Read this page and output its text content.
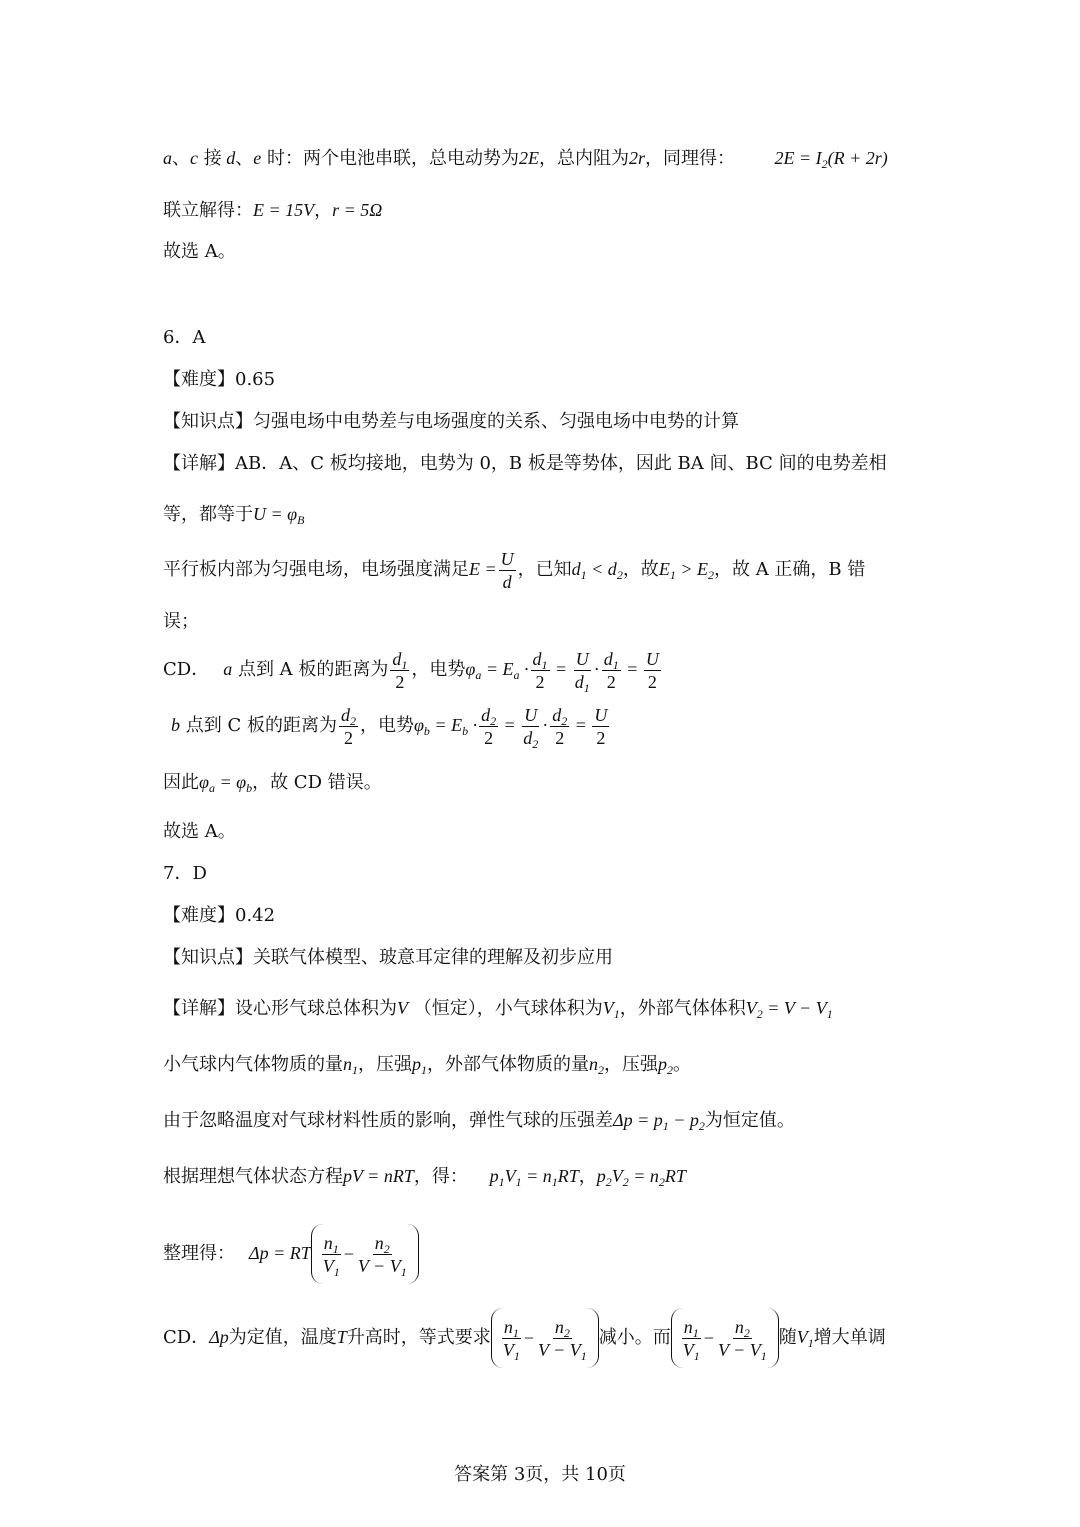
a、c 接 d、e 时：两个电池串联，总电动势为2E，总内阻为2r，同理得： $2E = I_2(R + 2r)$
联立解得：E = 15V，r = 5Ω
故选 A。
6．A
【难度】0.65
【知识点】匀强电场中电势差与电场强度的关系、匀强电场中电势的计算
【详解】AB．A、C 板均接地，电势为 0，B 板是等势体，因此 BA 间、BC 间的电势差相
等，都等于$U = \varphi_B$
平行板内部为匀强电场，电场强度满足$E = \frac{U}{d}$ ，已知$d_1 < d_2$，故$E_1 > E_2$，故 A 正确，B 错
误；
CD． a 点到 A 板的距离为 $\frac{d_1}{2}$ ，电势$\varphi_a = E_a \cdot \frac{d_1}{2} = \frac{U}{d_1} \cdot \frac{d_1}{2} = \frac{U}{2}$
b 点到 C 板的距离为 $\frac{d_2}{2}$ ，电势$\varphi_b = E_b \cdot \frac{d_2}{2} = \frac{U}{d_2} \cdot \frac{d_2}{2} = \frac{U}{2}$
因此$\varphi_a = \varphi_b$，故 CD 错误。
故选 A。
7．D
【难度】0.42
【知识点】关联气体模型、玻意耳定律的理解及初步应用
【详解】设心形气球总体积为V （恒定），小气球体积为$V_1$，外部气体体积$V_2 = V - V_1$
小气球内气体物质的量$n_1$，压强$p_1$，外部气体物质的量$n_2$，压强$p_2$。
由于忽略温度对气球材料性质的影响，弹性气球的压强差$\Delta p = p_1 - p_2$为恒定值。
根据理想气体状态方程pV = nRT，得： $p_1V_1 = n_1RT$，$p_2V_2 = n_2RT$
整理得： Δp = RT $\frac{n_1}{V_1} - \frac{n_2}{V - V_1}$
CD．Δp为定值，温度T升高时，等式要求 $\frac{n_1}{V_1} - \frac{n_2}{V - V_1}$ 减小。而 $\frac{n_1}{V_1} - \frac{n_2}{V - V_1}$ 随$V_1$增大单调
答案第 3页，共 10页
